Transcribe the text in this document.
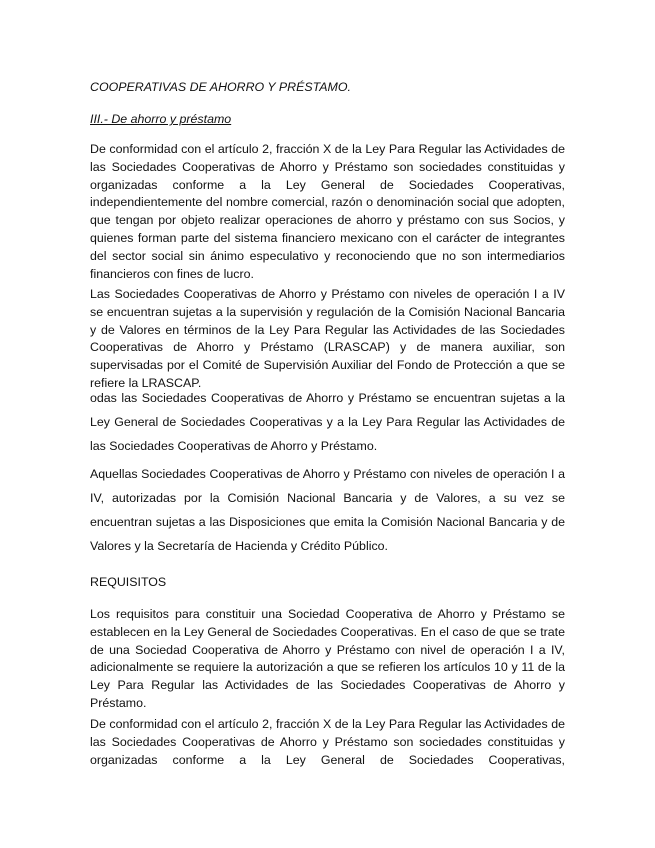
COOPERATIVAS DE AHORRO Y PRÉSTAMO.

III.- De ahorro y préstamo

De conformidad con el artículo 2, fracción X de la Ley Para Regular las Actividades de las Sociedades Cooperativas de Ahorro y Préstamo son sociedades constituidas y organizadas conforme a la Ley General de Sociedades Cooperativas, independientemente del nombre comercial, razón o denominación social que adopten, que tengan por objeto realizar operaciones de ahorro y préstamo con sus Socios, y quienes forman parte del sistema financiero mexicano con el carácter de integrantes del sector social sin ánimo especulativo y reconociendo que no son intermediarios financieros con fines de lucro.

Las Sociedades Cooperativas de Ahorro y Préstamo con niveles de operación I a IV se encuentran sujetas a la supervisión y regulación de la Comisión Nacional Bancaria y de Valores en términos de la Ley Para Regular las Actividades de las Sociedades Cooperativas de Ahorro y Préstamo (LRASCAP) y de manera auxiliar, son supervisadas por el Comité de Supervisión Auxiliar del Fondo de Protección a que se refiere la LRASCAP.

odas las Sociedades Cooperativas de Ahorro y Préstamo se encuentran sujetas a la Ley General de Sociedades Cooperativas y a la Ley Para Regular las Actividades de las Sociedades Cooperativas de Ahorro y Préstamo.

Aquellas Sociedades Cooperativas de Ahorro y Préstamo con niveles de operación I a IV, autorizadas por la Comisión Nacional Bancaria y de Valores, a su vez se encuentran sujetas a las Disposiciones que emita la Comisión Nacional Bancaria y de Valores y la Secretaría de Hacienda y Crédito Público.

REQUISITOS

Los requisitos para constituir una Sociedad Cooperativa de Ahorro y Préstamo se establecen en la Ley General de Sociedades Cooperativas. En el caso de que se trate de una Sociedad Cooperativa de Ahorro y Préstamo con nivel de operación I a IV, adicionalmente se requiere la autorización a que se refieren los artículos 10 y 11 de la Ley Para Regular las Actividades de las Sociedades Cooperativas de Ahorro y Préstamo.

De conformidad con el artículo 2, fracción X de la Ley Para Regular las Actividades de las Sociedades Cooperativas de Ahorro y Préstamo son sociedades constituidas y organizadas conforme a la Ley General de Sociedades Cooperativas,
